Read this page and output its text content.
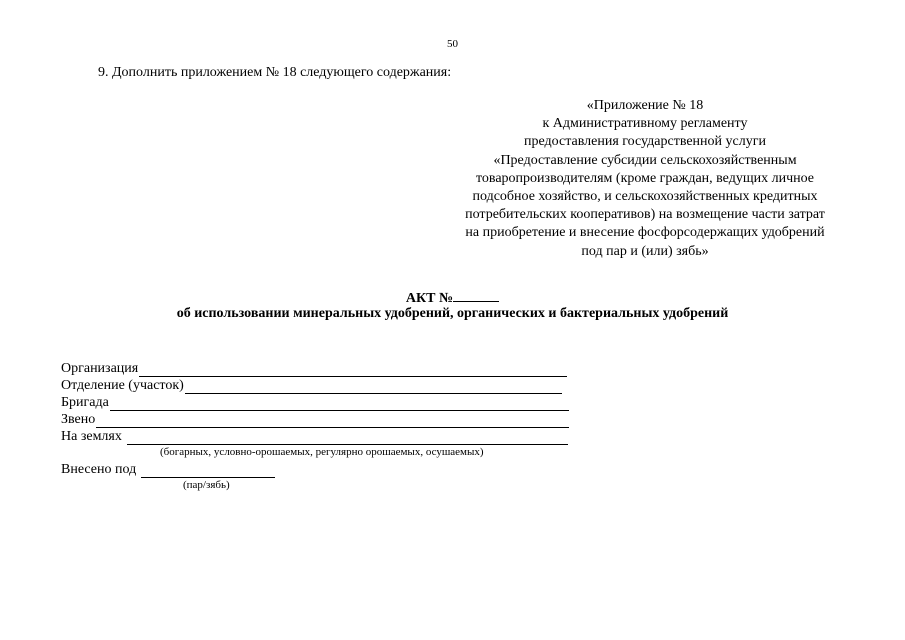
50
9. Дополнить приложением № 18 следующего содержания:
«Приложение № 18
к Административному регламенту
предоставления государственной услуги
«Предоставление субсидии сельскохозяйственным
товаропроизводителям (кроме граждан, ведущих личное
подсобное хозяйство, и сельскохозяйственных кредитных
потребительских кооперативов) на возмещение части затрат
на приобретение и внесение фосфорсодержащих удобрений
под пар и (или) зябь»
АКТ №
об использовании минеральных удобрений, органических и бактериальных удобрений
Организация
Отделение (участок)
Бригада
Звено
На землях
(богарных, условно-орошаемых, регулярно орошаемых, осушаемых)
Внесено под
(пар/зябь)
